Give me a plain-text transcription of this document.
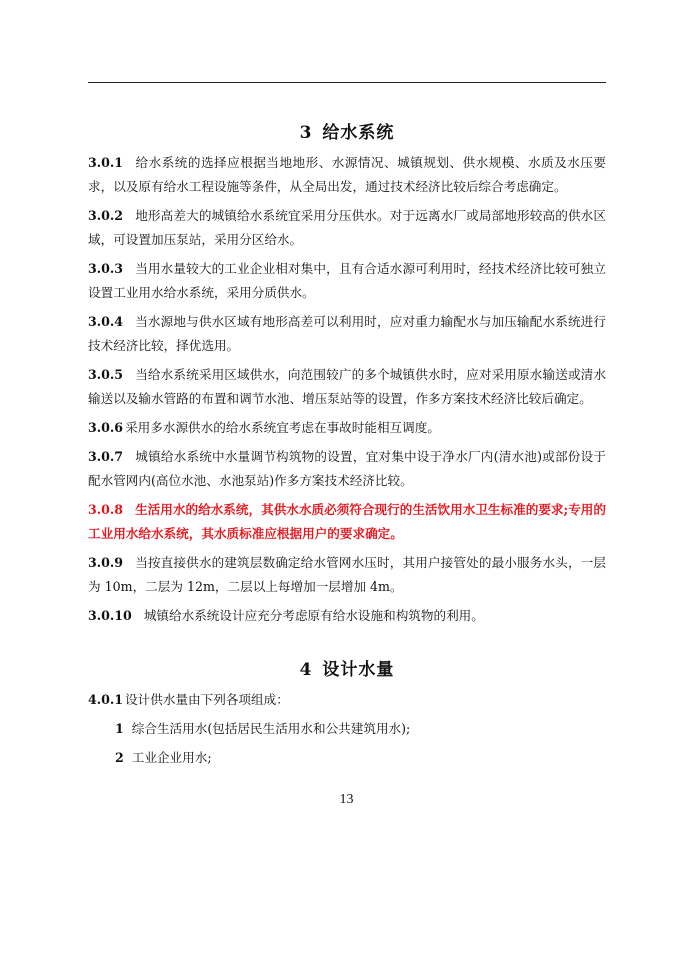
3 给水系统

3.0.1 给水系统的选择应根据当地地形、水源情况、城镇规划、供水规模、水质及水压要求，以及原有给水工程设施等条件，从全局出发，通过技术经济比较后综合考虑确定。

3.0.2 地形高差大的城镇给水系统宜采用分压供水。对于远离水厂或局部地形较高的供水区域，可设置加压泵站，采用分区给水。

3.0.3 当用水量较大的工业企业相对集中，且有合适水源可利用时，经技术经济比较可独立设置工业用水给水系统，采用分质供水。

3.0.4 当水源地与供水区域有地形高差可以利用时，应对重力输配水与加压输配水系统进行技术经济比较，择优选用。

3.0.5 当给水系统采用区域供水，向范围较广的多个城镇供水时，应对采用原水输送或清水输送以及输水管路的布置和调节水池、增压泵站等的设置，作多方案技术经济比较后确定。

3.0.6 采用多水源供水的给水系统宜考虑在事故时能相互调度。

3.0.7 城镇给水系统中水量调节构筑物的设置，宜对集中设于净水厂内(清水池)或部份设于配水管网内(高位水池、水池泵站)作多方案技术经济比较。

3.0.8 生活用水的给水系统，其供水水质必须符合现行的生活饮用水卫生标准的要求;专用的工业用水给水系统，其水质标准应根据用户的要求确定。

3.0.9 当按直接供水的建筑层数确定给水管网水压时，其用户接管处的最小服务水头，一层为 10m，二层为 12m，二层以上每增加一层增加 4m。

3.0.10 城镇给水系统设计应充分考虑原有给水设施和构筑物的利用。

4 设计水量

4.0.1 设计供水量由下列各项组成：

1 综合生活用水(包括居民生活用水和公共建筑用水);

2 工业企业用水;

13
